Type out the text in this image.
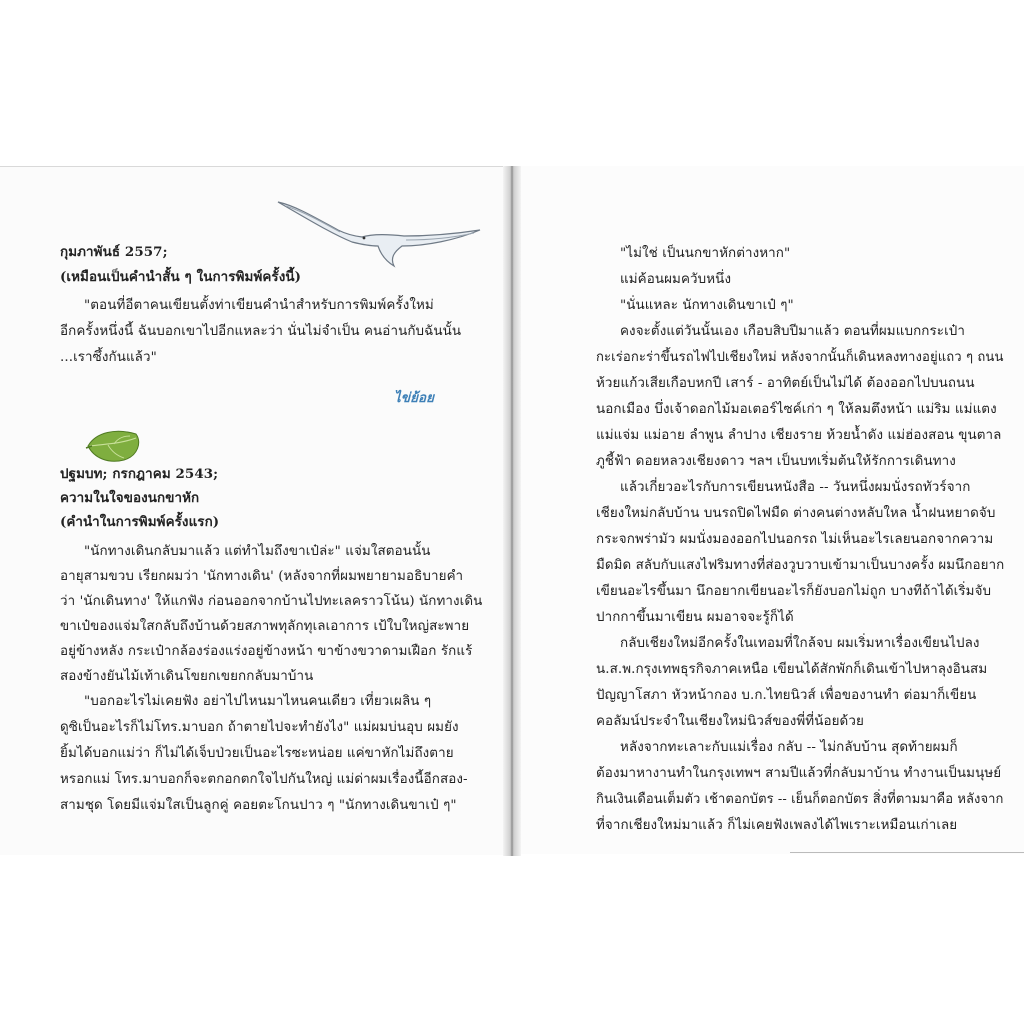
กุมภาพันธ์ 2557;
(เหมือนเป็นคำนำสั้น ๆ ในการพิมพ์ครั้งนี้)
"ตอนที่อีตาคนเขียนตั้งท่าเขียนคำนำสำหรับการพิมพ์ครั้งใหม่
อีกครั้งหนึ่งนี้ ฉันบอกเขาไปอีกแหละว่า นั่นไม่จำเป็น คนอ่านกับฉันนั้น
...เราซึ้งกันแล้ว"
ไข่ย้อย
ปฐมบท; กรกฎาคม 2543;
ความในใจของนกขาหัก
(คำนำในการพิมพ์ครั้งแรก)
"นักทางเดินกลับมาแล้ว แต่ทำไมถึงขาเป๋ล่ะ" แจ่มใสตอนนั้น
อายุสามขวบ เรียกผมว่า 'นักทางเดิน' (หลังจากที่ผมพยายามอธิบายคำ
ว่า 'นักเดินทาง' ให้แกฟัง ก่อนออกจากบ้านไปทะเลคราวโน้น) นักทางเดิน
ขาเป๋ของแจ่มใสกลับถึงบ้านด้วยสภาพทุลักทุเลเอาการ เป้ใบใหญ่สะพาย
อยู่ข้างหลัง กระเป๋ากล้องร่องแร่งอยู่ข้างหน้า ขาข้างขวาดามเฝือก รักแร้
สองข้างยันไม้เท้าเดินโขยกเขยกกลับมาบ้าน
"บอกอะไรไม่เคยฟัง อย่าไปไหนมาไหนคนเดียว เที่ยวเผลิน ๆ
ดูซิเป็นอะไรก็ไม่โทร.มาบอก ถ้าตายไปจะทำยังไง" แม่ผมบ่นอุบ ผมยัง
ยิ้มได้บอกแม่ว่า ก็ไม่ได้เจ็บป่วยเป็นอะไรซะหน่อย แค่ขาหักไม่ถึงตาย
หรอกแม่ โทร.มาบอกก็จะตกอกตกใจไปกันใหญ่ แม่ด่าผมเรื่องนี้อีกสอง-
สามชุด โดยมีแจ่มใสเป็นลูกคู่ คอยตะโกนปาว ๆ "นักทางเดินขาเป๋ ๆ"
"ไม่ใช่ เป็นนกขาหักต่างหาก"
แม่ค้อนผมควับหนึ่ง
"นั่นแหละ นักทางเดินขาเป๋ ๆ"
คงจะตั้งแต่วันนั้นเอง เกือบสิบปีมาแล้ว ตอนที่ผมแบกกระเป๋า
กะเร่อกะร่าขึ้นรถไฟไปเชียงใหม่ หลังจากนั้นก็เดินหลงทางอยู่แถว ๆ ถนน
ห้วยแก้วเสียเกือบหกปี เสาร์ - อาทิตย์เป็นไม่ได้ ต้องออกไปบนถนน
นอกเมือง บึ่งเจ้าดอกไม้มอเตอร์ไซค์เก่า ๆ ให้ลมตึงหน้า แม่ริม แม่แตง
แม่แจ่ม แม่อาย ลำพูน ลำปาง เชียงราย ห้วยน้ำดัง แม่ฮ่องสอน ขุนตาล
ภูชี้ฟ้า ดอยหลวงเชียงดาว ฯลฯ เป็นบทเริ่มต้นให้รักการเดินทาง
แล้วเกี่ยวอะไรกับการเขียนหนังสือ -- วันหนึ่งผมนั่งรถทัวร์จาก
เชียงใหม่กลับบ้าน บนรถปิดไฟมืด ต่างคนต่างหลับใหล น้ำฝนหยาดจับ
กระจกพร่ามัว ผมนั่งมองออกไปนอกรถ ไม่เห็นอะไรเลยนอกจากความ
มืดมิด สลับกับแสงไฟริมทางที่ส่องวูบวาบเข้ามาเป็นบางครั้ง ผมนึกอยาก
เขียนอะไรขึ้นมา นึกอยากเขียนอะไรก็ยังบอกไม่ถูก บางทีถ้าได้เริ่มจับ
ปากกาขึ้นมาเขียน ผมอาจจะรู้ก็ได้
กลับเชียงใหม่อีกครั้งในเทอมที่ใกล้จบ ผมเริ่มหาเรื่องเขียนไปลง
น.ส.พ.กรุงเทพธุรกิจภาคเหนือ เขียนได้สักพักก็เดินเข้าไปหาลุงอินสม
ปัญญาโสภา หัวหน้ากอง บ.ก.ไทยนิวส์ เพื่อของานทำ ต่อมาก็เขียน
คอลัมน์ประจำในเชียงใหม่นิวส์ของพี่ที่น้อยด้วย
หลังจากทะเลาะกับแม่เรื่อง กลับ -- ไม่กลับบ้าน สุดท้ายผมก็
ต้องมาหางานทำในกรุงเทพฯ สามปีแล้วที่กลับมาบ้าน ทำงานเป็นมนุษย์
กินเงินเดือนเต็มตัว เช้าตอกบัตร -- เย็นก็ตอกบัตร สิ่งที่ตามมาคือ หลังจาก
ที่จากเชียงใหม่มาแล้ว ก็ไม่เคยฟังเพลงได้ไพเราะเหมือนเก่าเลย
